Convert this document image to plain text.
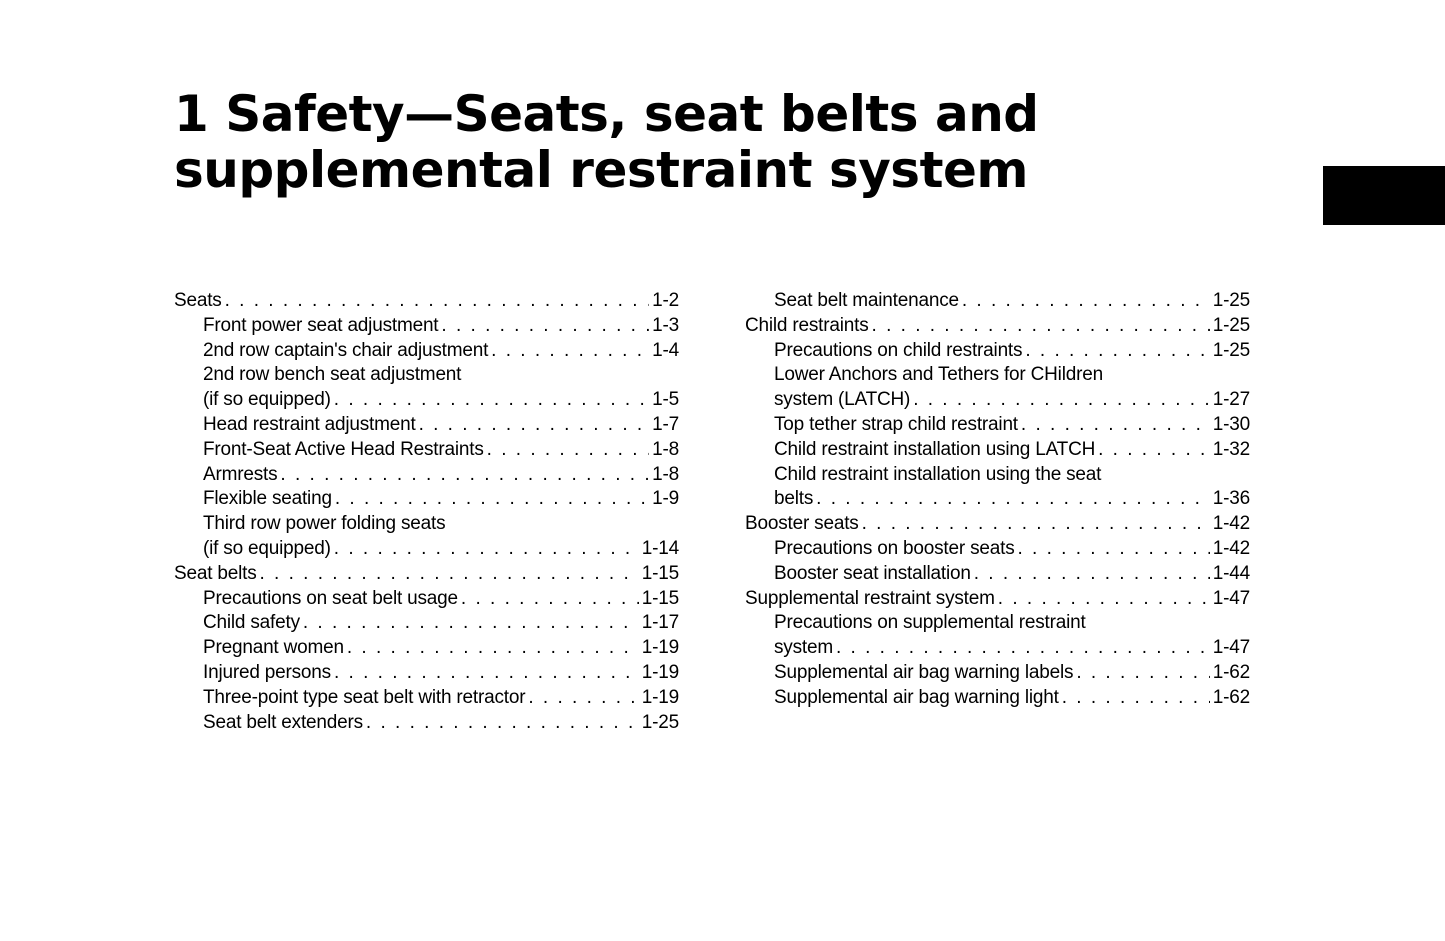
1 Safety—Seats, seat belts and
supplemental restraint system
Seats . . .	1-2
Front power seat adjustment . . .	1-3
2nd row captain's chair adjustment . . .	1-4
2nd row bench seat adjustment
(if so equipped) . . .	1-5
Head restraint adjustment . . .	1-7
Front-Seat Active Head Restraints . . .	1-8
Armrests . . .	1-8
Flexible seating . . .	1-9
Third row power folding seats
(if so equipped) . . .	1-14
Seat belts . . .	1-15
Precautions on seat belt usage . . .	1-15
Child safety . . .	1-17
Pregnant women . . .	1-19
Injured persons . . .	1-19
Three-point type seat belt with retractor . . .	1-19
Seat belt extenders . . .	1-25
Seat belt maintenance . . .	1-25
Child restraints . . .	1-25
Precautions on child restraints . . .	1-25
Lower Anchors and Tethers for CHildren
system (LATCH) . . .	1-27
Top tether strap child restraint . . .	1-30
Child restraint installation using LATCH . . .	1-32
Child restraint installation using the seat
belts . . .	1-36
Booster seats . . .	1-42
Precautions on booster seats . . .	1-42
Booster seat installation . . .	1-44
Supplemental restraint system . . .	1-47
Precautions on supplemental restraint
system . . .	1-47
Supplemental air bag warning labels . . .	1-62
Supplemental air bag warning light . . .	1-62
